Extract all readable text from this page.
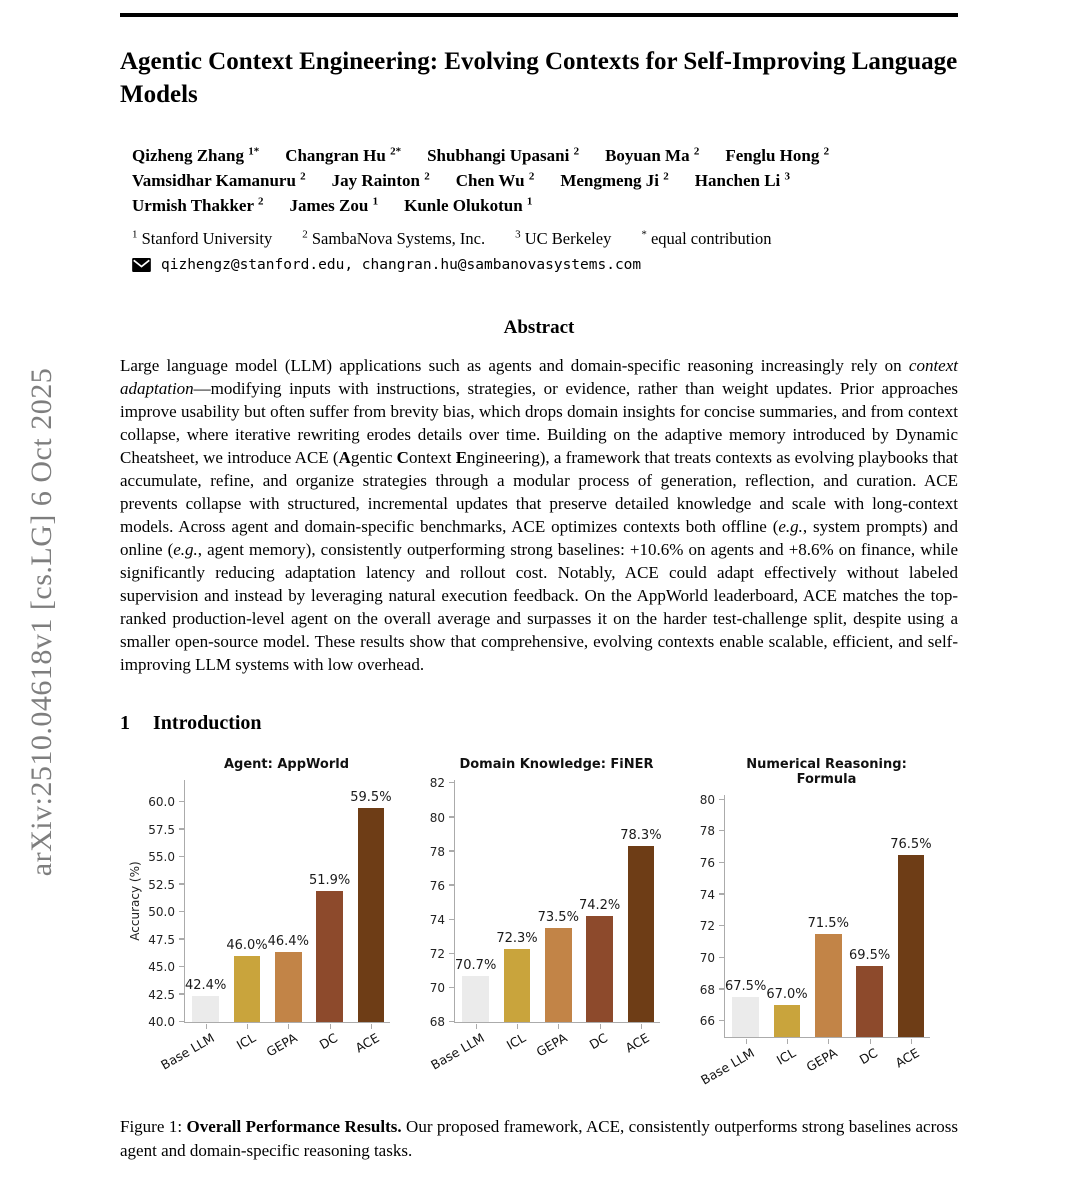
arXiv:2510.04618v1 [cs.LG] 6 Oct 2025
Agentic Context Engineering: Evolving Contexts for Self-Improving Language Models
Qizheng Zhang $^{1*}$ Changran Hu $^{2*}$ Shubhangi Upasani $^2$ Boyuan Ma $^2$ Fenglu Hong $^2$
Vamsidhar Kamanuru $^2$ Jay Rainton $^2$ Chen Wu $^2$ Mengmeng Ji $^2$ Hanchen Li $^3$
Urmish Thakker $^2$ James Zou $^1$ Kunle Olukotun $^1$
$^1$ Stanford University	$^2$ SambaNova Systems, Inc.	$^3$ UC Berkeley	* equal contribution
qizhengz@stanford.edu, changran.hu@sambanovasystems.com
Abstract

Large language model (LLM) applications such as agents and domain-specific reasoning increasingly rely on context adaptation—modifying inputs with instructions, strategies, or evidence, rather than weight updates. Prior approaches improve usability but often suffer from brevity bias, which drops domain insights for concise summaries, and from context collapse, where iterative rewriting erodes details over time. Building on the adaptive memory introduced by Dynamic Cheatsheet, we introduce ACE (Agentic Context Engineering), a framework that treats contexts as evolving playbooks that accumulate, refine, and organize strategies through a modular process of generation, reflection, and curation. ACE prevents collapse with structured, incremental updates that preserve detailed knowledge and scale with long-context models. Across agent and domain-specific benchmarks, ACE optimizes contexts both offline (e.g., system prompts) and online (e.g., agent memory), consistently outperforming strong baselines: +10.6% on agents and +8.6% on finance, while significantly reducing adaptation latency and rollout cost. Notably, ACE could adapt effectively without labeled supervision and instead by leveraging natural execution feedback. On the AppWorld leaderboard, ACE matches the top-ranked production-level agent on the overall average and surpasses it on the harder test-challenge split, despite using a smaller open-source model. These results show that comprehensive, evolving contexts enable scalable, efficient, and self-improving LLM systems with low overhead.

1 Introduction
Agent: AppWorld
Accuracy (%)
40.0
42.5
45.0
47.5
50.0
52.5
55.0
57.5
60.0
42.4%
46.0% 46.4%
51.9%
59.5%
Base LLM ICL GEPA DC ACE
Domain Knowledge: FiNER
68
70
72
74
76
78
80
82
70.7%
72.3%
73.5%
74.2%
78.3%
Base LLM ICL GEPA DC ACE
Numerical Reasoning: Formula
66
68
70
72
74
76
78
80
67.5%
67.0%
71.5%
69.5%
76.5%
Base LLM ICL GEPA DC ACE

Figure 1: Overall Performance Results. Our proposed framework, ACE, consistently outperforms strong baselines across agent and domain-specific reasoning tasks.
